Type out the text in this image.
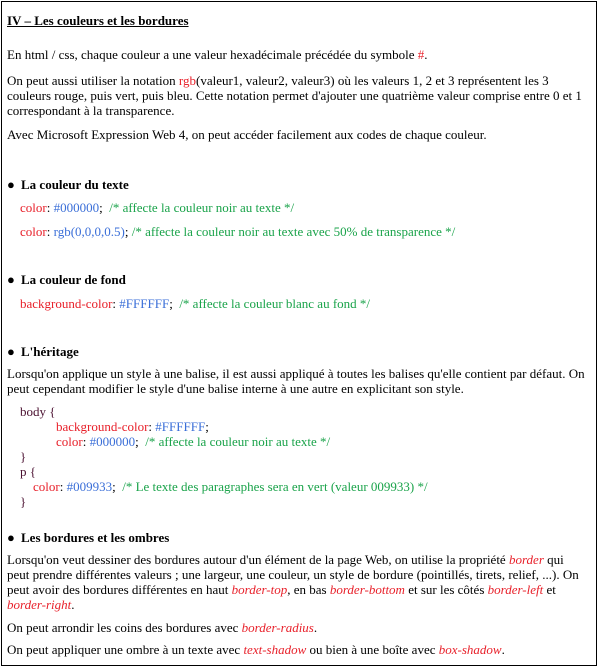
IV – Les couleurs et les bordures
En html / css, chaque couleur a une valeur hexadécimale précédée du symbole #.
On peut aussi utiliser la notation rgb(valeur1, valeur2, valeur3) où les valeurs 1, 2 et 3 représentent les 3
couleurs rouge, puis vert, puis bleu. Cette notation permet d'ajouter une quatrième valeur comprise entre 0 et 1
correspondant à la transparence.
Avec Microsoft Expression Web 4, on peut accéder facilement aux codes de chaque couleur.
● La couleur du texte
color: #000000; /* affecte la couleur noir au texte */
color: rgb(0,0,0,0.5); /* affecte la couleur noir au texte avec 50% de transparence */
● La couleur de fond
background-color: #FFFFFF; /* affecte la couleur blanc au fond */
● L'héritage
Lorsqu'on applique un style à une balise, il est aussi appliqué à toutes les balises qu'elle contient par défaut. On
peut cependant modifier le style d'une balise interne à une autre en explicitant son style.
body {
background-color: #FFFFFF;
color: #000000; /* affecte la couleur noir au texte */
}
p {
color: #009933; /* Le texte des paragraphes sera en vert (valeur 009933) */
}
● Les bordures et les ombres
Lorsqu'on veut dessiner des bordures autour d'un élément de la page Web, on utilise la propriété border qui
peut prendre différentes valeurs ; une largeur, une couleur, un style de bordure (pointillés, tirets, relief, ...). On
peut avoir des bordures différentes en haut border-top, en bas border-bottom et sur les côtés border-left et
border-right.
On peut arrondir les coins des bordures avec border-radius.
On peut appliquer une ombre à un texte avec text-shadow ou bien à une boîte avec box-shadow.
